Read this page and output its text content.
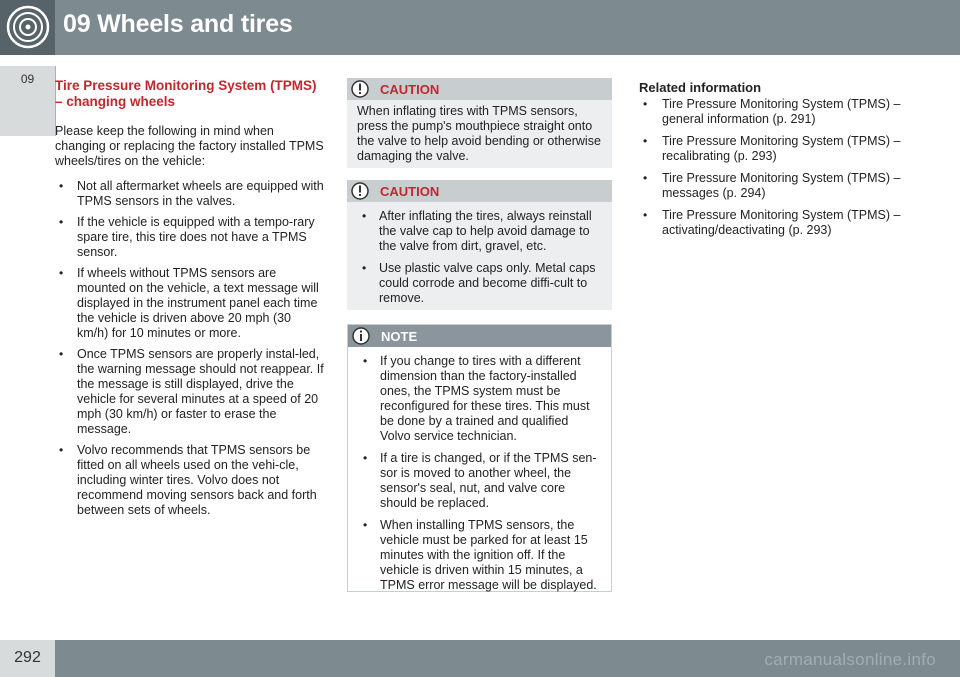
09 Wheels and tires
09	Tire Pressure Monitoring System (TPMS) – changing wheels

Please keep the following in mind when changing or replacing the factory installed TPMS wheels/tires on the vehicle:

• Not all aftermarket wheels are equipped with TPMS sensors in the valves.
• If the vehicle is equipped with a tempo-rary spare tire, this tire does not have a TPMS sensor.
• If wheels without TPMS sensors are mounted on the vehicle, a text message will displayed in the instrument panel each time the vehicle is driven above 20 mph (30 km/h) for 10 minutes or more.
• Once TPMS sensors are properly instal-led, the warning message should not reappear. If the message is still displayed, drive the vehicle for several minutes at a speed of 20 mph (30 km/h) or faster to erase the message.
• Volvo recommends that TPMS sensors be fitted on all wheels used on the vehi-cle, including winter tires. Volvo does not recommend moving sensors back and forth between sets of wheels.
CAUTION
When inflating tires with TPMS sensors, press the pump's mouthpiece straight onto the valve to help avoid bending or otherwise damaging the valve.
CAUTION
• After inflating the tires, always reinstall the valve cap to help avoid damage to the valve from dirt, gravel, etc.
• Use plastic valve caps only. Metal caps could corrode and become diffi-cult to remove.
NOTE
• If you change to tires with a different dimension than the factory-installed ones, the TPMS system must be reconfigured for these tires. This must be done by a trained and qualified Volvo service technician.
• If a tire is changed, or if the TPMS sen-sor is moved to another wheel, the sensor's seal, nut, and valve core should be replaced.
• When installing TPMS sensors, the vehicle must be parked for at least 15 minutes with the ignition off. If the vehicle is driven within 15 minutes, a TPMS error message will be displayed.
Related information
• Tire Pressure Monitoring System (TPMS) – general information (p. 291)
• Tire Pressure Monitoring System (TPMS) – recalibrating (p. 293)
• Tire Pressure Monitoring System (TPMS) – messages (p. 294)
• Tire Pressure Monitoring System (TPMS) – activating/deactivating (p. 293)
292	carmanualsonline.info
